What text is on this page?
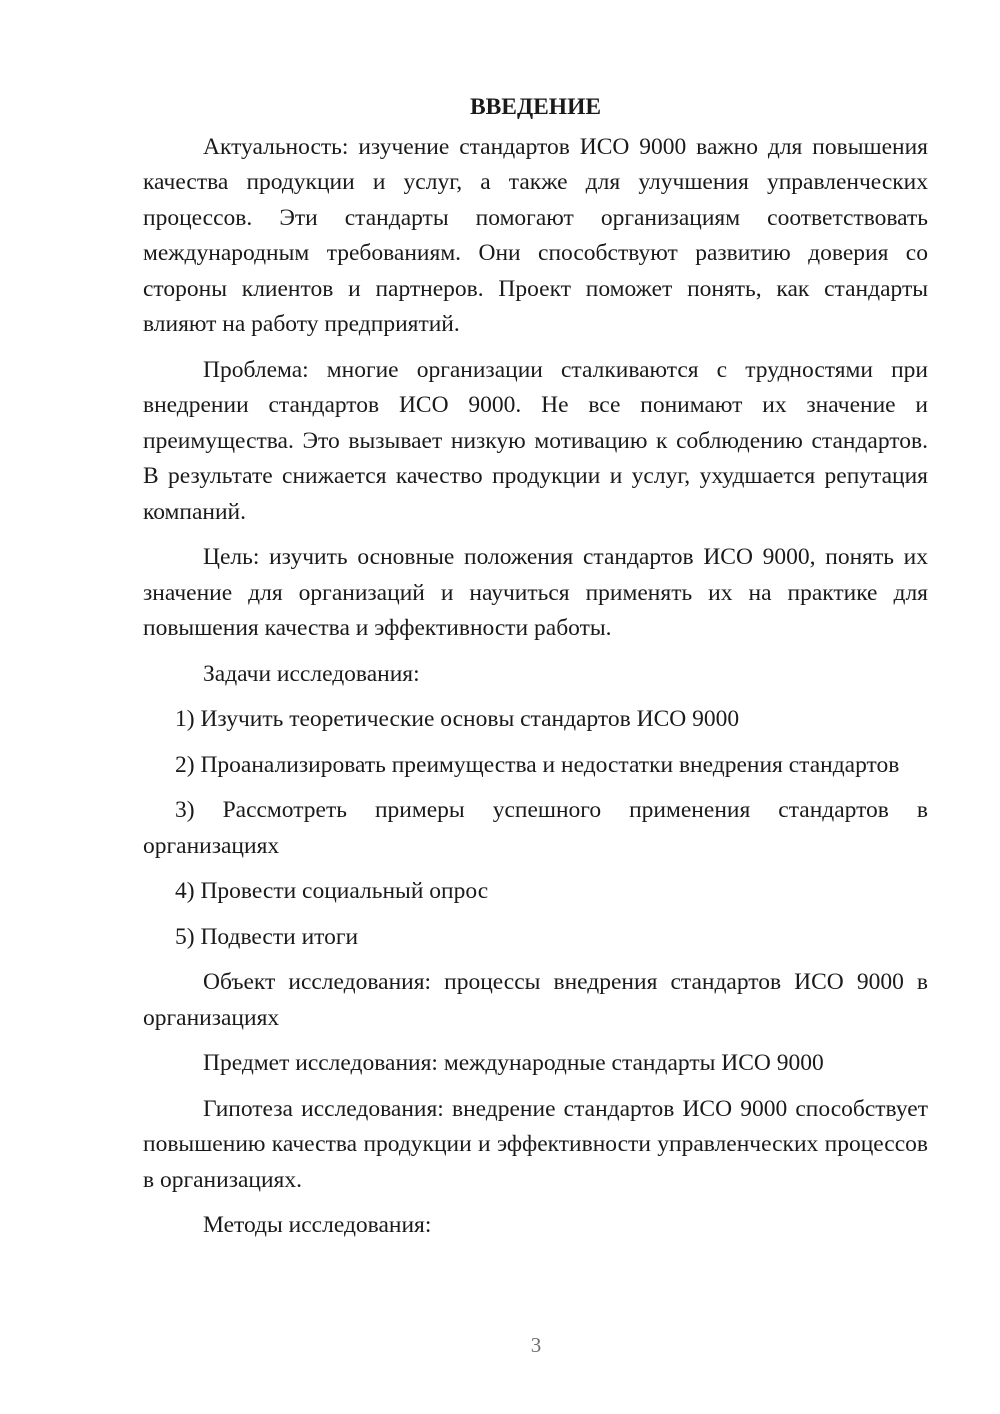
ВВЕДЕНИЕ

Актуальность: изучение стандартов ИСО 9000 важно для повышения качества продукции и услуг, а также для улучшения управленческих процессов. Эти стандарты помогают организациям соответствовать международным требованиям. Они способствуют развитию доверия со стороны клиентов и партнеров. Проект поможет понять, как стандарты влияют на работу предприятий.

Проблема: многие организации сталкиваются с трудностями при внедрении стандартов ИСО 9000. Не все понимают их значение и преимущества. Это вызывает низкую мотивацию к соблюдению стандартов. В результате снижается качество продукции и услуг, ухудшается репутация компаний.

Цель: изучить основные положения стандартов ИСО 9000, понять их значение для организаций и научиться применять их на практике для повышения качества и эффективности работы.

Задачи исследования:

1) Изучить теоретические основы стандартов ИСО 9000

2) Проанализировать преимущества и недостатки внедрения стандартов

3) Рассмотреть примеры успешного применения стандартов в организациях

4) Провести социальный опрос

5) Подвести итоги

Объект исследования: процессы внедрения стандартов ИСО 9000 в организациях

Предмет исследования: международные стандарты ИСО 9000

Гипотеза исследования: внедрение стандартов ИСО 9000 способствует повышению качества продукции и эффективности управленческих процессов в организациях.

Методы исследования:

3
